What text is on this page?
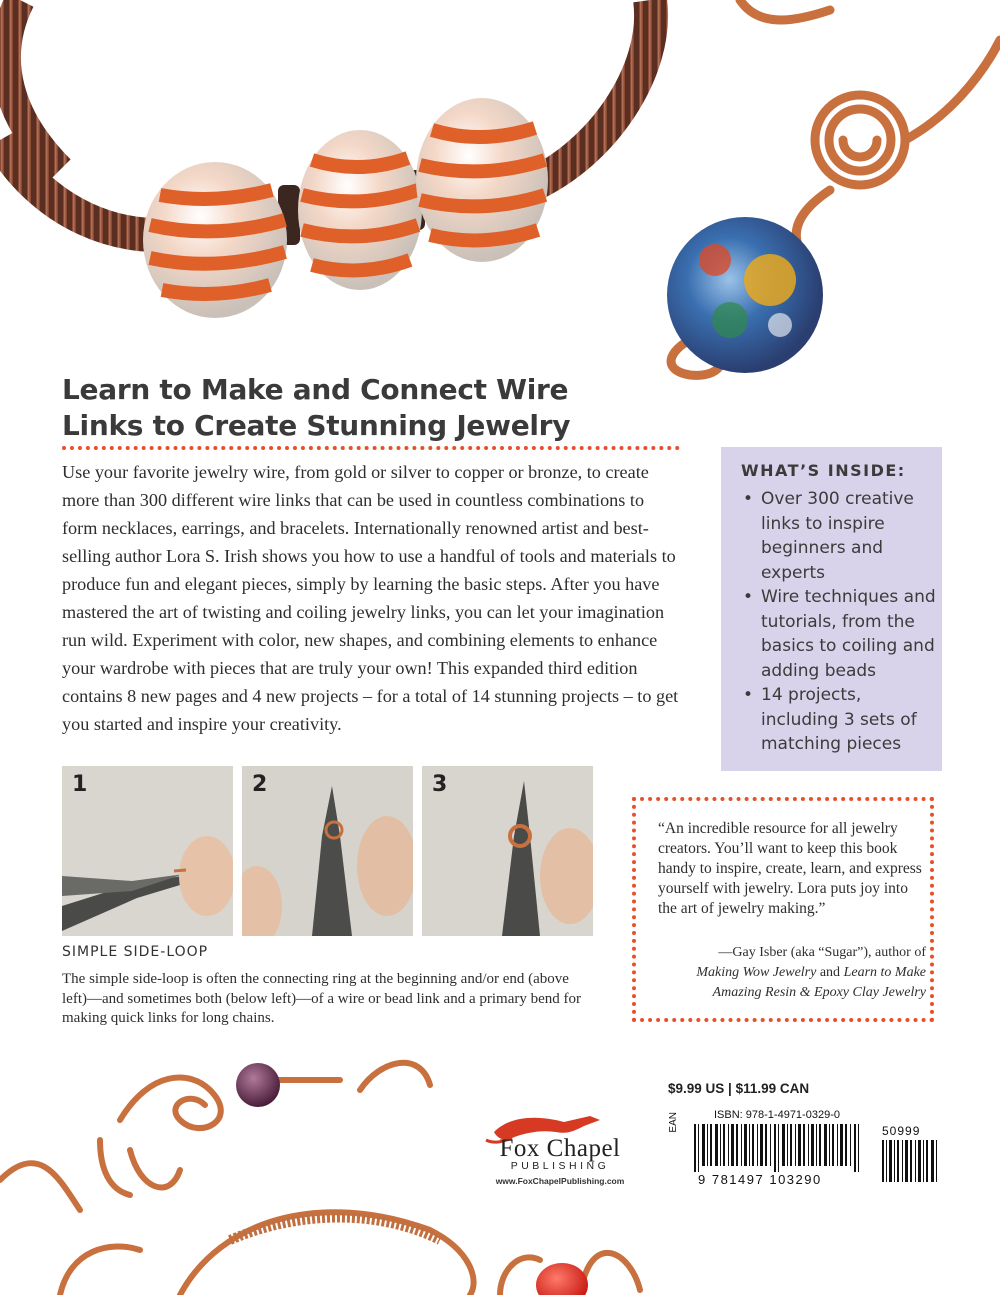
Learn to Make and Connect Wire
Links to Create Stunning Jewelry
Use your favorite jewelry wire, from gold or silver to copper or bronze, to create more than 300 different wire links that can be used in countless combinations to form necklaces, earrings, and bracelets. Internationally renowned artist and best-selling author Lora S. Irish shows you how to use a handful of tools and materials to produce fun and elegant pieces, simply by learning the basic steps. After you have mastered the art of twisting and coiling jewelry links, you can let your imagination run wild. Experiment with color, new shapes, and combining elements to enhance your wardrobe with pieces that are truly your own! This expanded third edition contains 8 new pages and 4 new projects – for a total of 14 stunning projects – to get you started and inspire your creativity.
WHAT’S INSIDE:
• Over 300 creative links to inspire beginners and experts
• Wire techniques and tutorials, from the basics to coiling and adding beads
• 14 projects, including 3 sets of matching pieces
1	2	3
SIMPLE SIDE-LOOP
The simple side-loop is often the connecting ring at the beginning and/or end (above left)—and sometimes both (below left)—of a wire or bead link and a primary bend for making quick links for long chains.
“An incredible resource for all jewelry creators. You’ll want to keep this book handy to inspire, create, learn, and express yourself with jewelry. Lora puts joy into the art of jewelry making.”
—Gay Isber (aka “Sugar”), author of
Making Wow Jewelry and Learn to Make Amazing Resin & Epoxy Clay Jewelry
$9.99 US | $11.99 CAN
EAN	ISBN: 978-1-4971-0329-0
50999
9 781497 103290
Fox Chapel
PUBLISHING
www.FoxChapelPublishing.com
